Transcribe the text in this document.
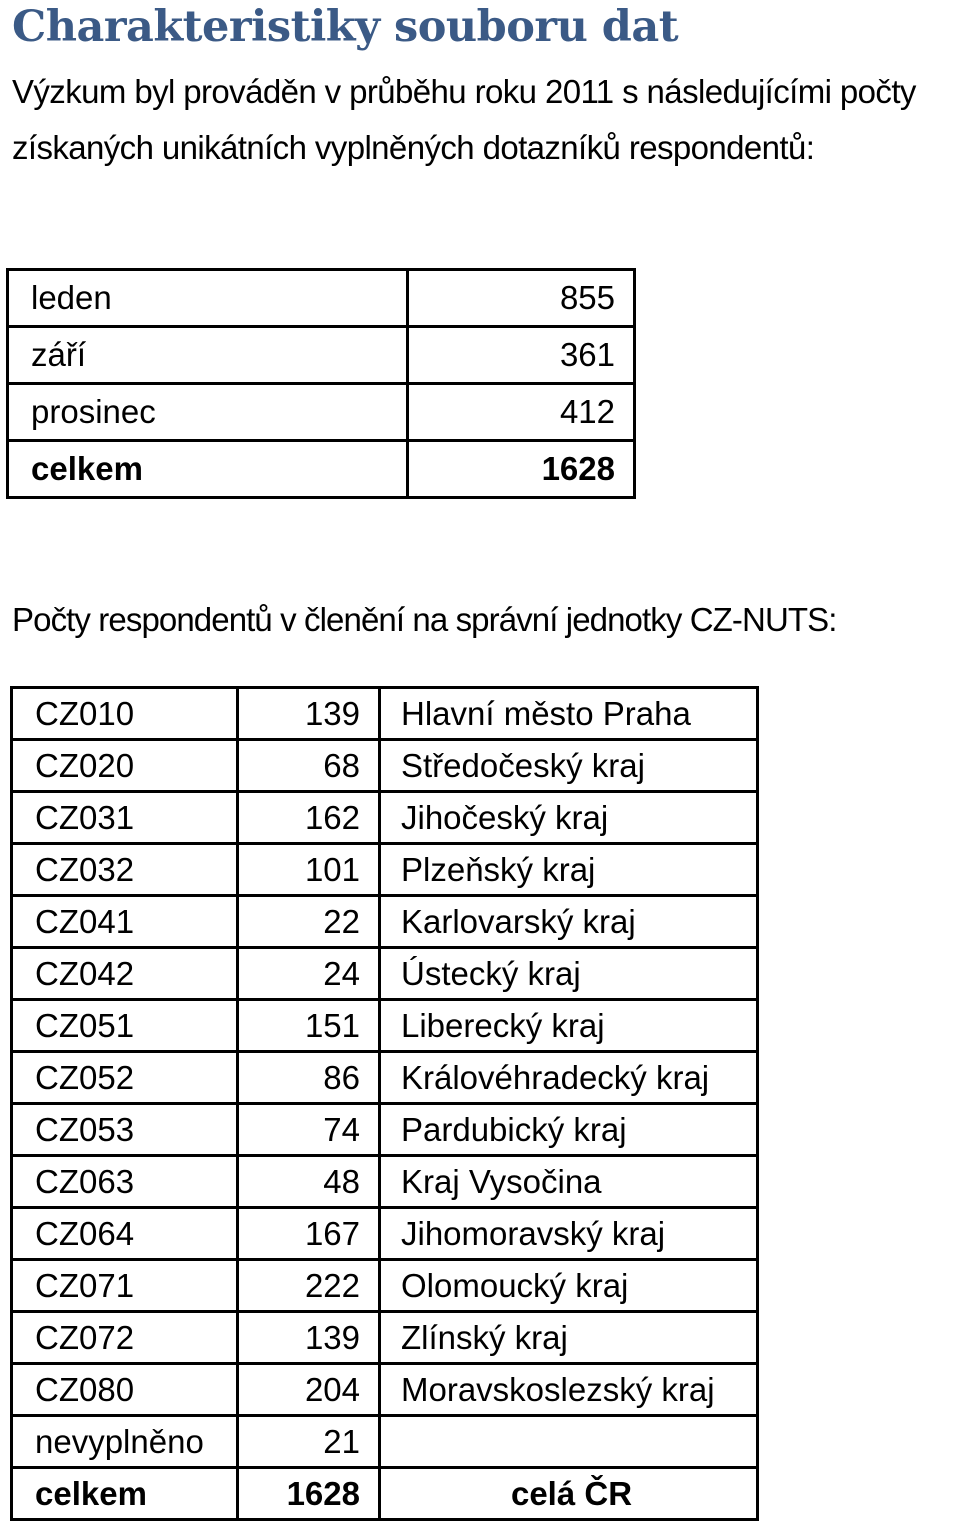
Charakteristiky souboru dat

Výzkum byl prováděn v průběhu roku 2011 s následujícími počty získaných unikátních vyplněných dotazníků respondentů:

leden	855
září	361
prosinec	412
celkem	1628

Počty respondentů v členění na správní jednotky CZ-NUTS:

CZ010	139	Hlavní město Praha
CZ020	68	Středočeský kraj
CZ031	162	Jihočeský kraj
CZ032	101	Plzeňský kraj
CZ041	22	Karlovarský kraj
CZ042	24	Ústecký kraj
CZ051	151	Liberecký kraj
CZ052	86	Královéhradecký kraj
CZ053	74	Pardubický kraj
CZ063	48	Kraj Vysočina
CZ064	167	Jihomoravský kraj
CZ071	222	Olomoucký kraj
CZ072	139	Zlínský kraj
CZ080	204	Moravskoslezský kraj
nevyplněno	21	
celkem	1628	celá ČR
